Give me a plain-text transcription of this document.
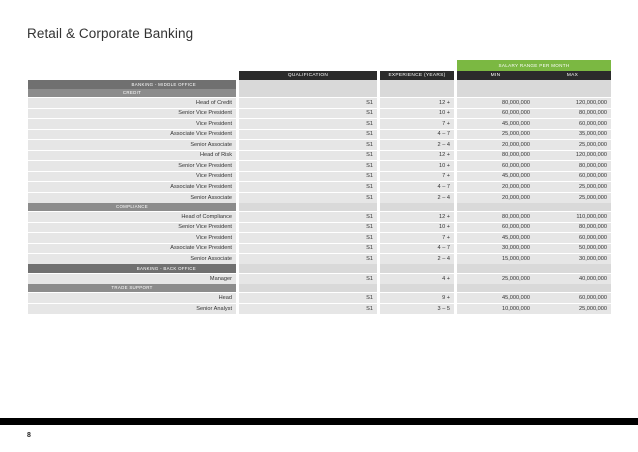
Retail & Corporate Banking
						SALARY RANGE PER MONTH	
		QUALIFICATION		EXPERIENCE (YEARS)		MIN	MAX
BANKING - MIDDLE OFFICE							
CREDIT							
Head of Credit		S1		12 +		80,000,000	120,000,000
Senior Vice President		S1		10 +		60,000,000	80,000,000
Vice President		S1		7 +		45,000,000	60,000,000
Associate Vice President		S1		4 – 7		25,000,000	35,000,000
Senior Associate		S1		2 – 4		20,000,000	25,000,000
Head of Risk		S1		12 +		80,000,000	120,000,000
Senior Vice President		S1		10 +		60,000,000	80,000,000
Vice President		S1		7 +		45,000,000	60,000,000
Associate Vice President		S1		4 – 7		20,000,000	25,000,000
Senior Associate		S1		2 – 4		20,000,000	25,000,000
COMPLIANCE							
Head of Compliance		S1		12 +		80,000,000	110,000,000
Senior Vice President		S1		10 +		60,000,000	80,000,000
Vice President		S1		7 +		45,000,000	60,000,000
Associate Vice President		S1		4 – 7		30,000,000	50,000,000
Senior Associate		S1		2 – 4		15,000,000	30,000,000
BANKING - BACK OFFICE							
Manager		S1		4 +		25,000,000	40,000,000
TRADE SUPPORT							
Head		S1		9 +		45,000,000	60,000,000
Senior Analyst		S1		3 – 5		10,000,000	25,000,000
8
